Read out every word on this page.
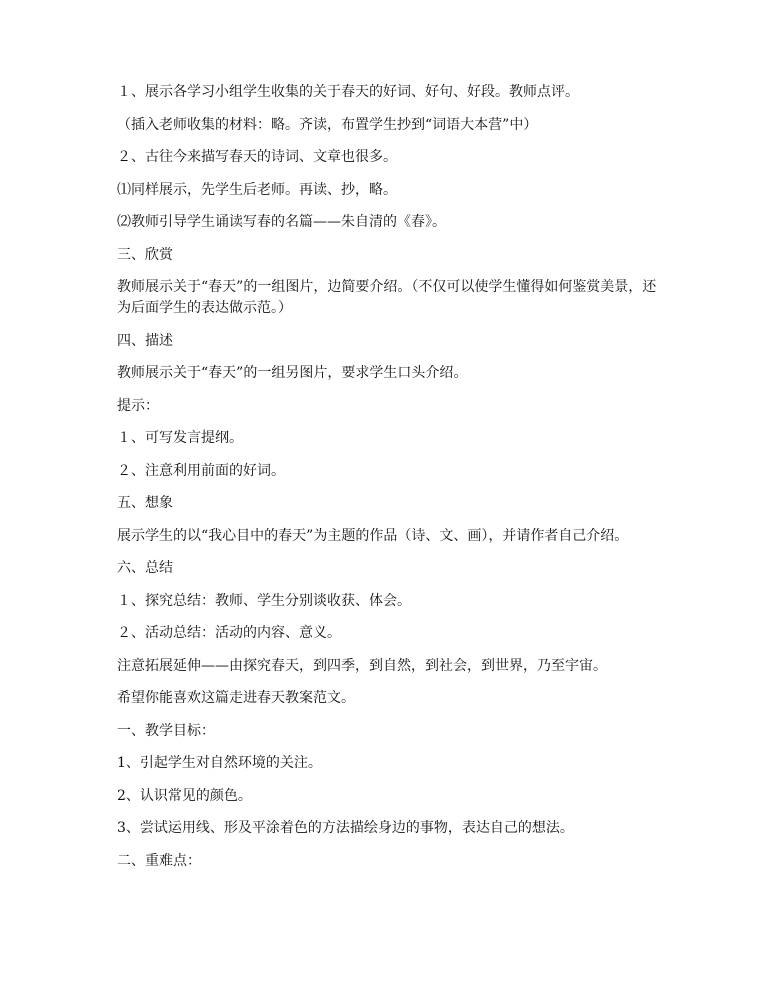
１、展示各学习小组学生收集的关于春天的好词、好句、好段。教师点评。

（插入老师收集的材料：略。齐读，布置学生抄到“词语大本营”中）

２、古往今来描写春天的诗词、文章也很多。

⑴同样展示，先学生后老师。再读、抄，略。

⑵教师引导学生诵读写春的名篇——朱自清的《春》。

三、欣赏

教师展示关于“春天”的一组图片，边简要介绍。（不仅可以使学生懂得如何鉴赏美景，还为后面学生的表达做示范。）

四、描述

教师展示关于“春天”的一组另图片，要求学生口头介绍。

提示：

１、可写发言提纲。

２、注意利用前面的好词。

五、想象

展示学生的以“我心目中的春天”为主题的作品（诗、文、画），并请作者自己介绍。

六、总结

１、探究总结：教师、学生分别谈收获、体会。

２、活动总结：活动的内容、意义。

注意拓展延伸——由探究春天，到四季，到自然，到社会，到世界，乃至宇宙。

希望你能喜欢这篇走进春天教案范文。

一、教学目标：

1、引起学生对自然环境的关注。

2、认识常见的颜色。

3、尝试运用线、形及平涂着色的方法描绘身边的事物，表达自己的想法。

二、重难点：
